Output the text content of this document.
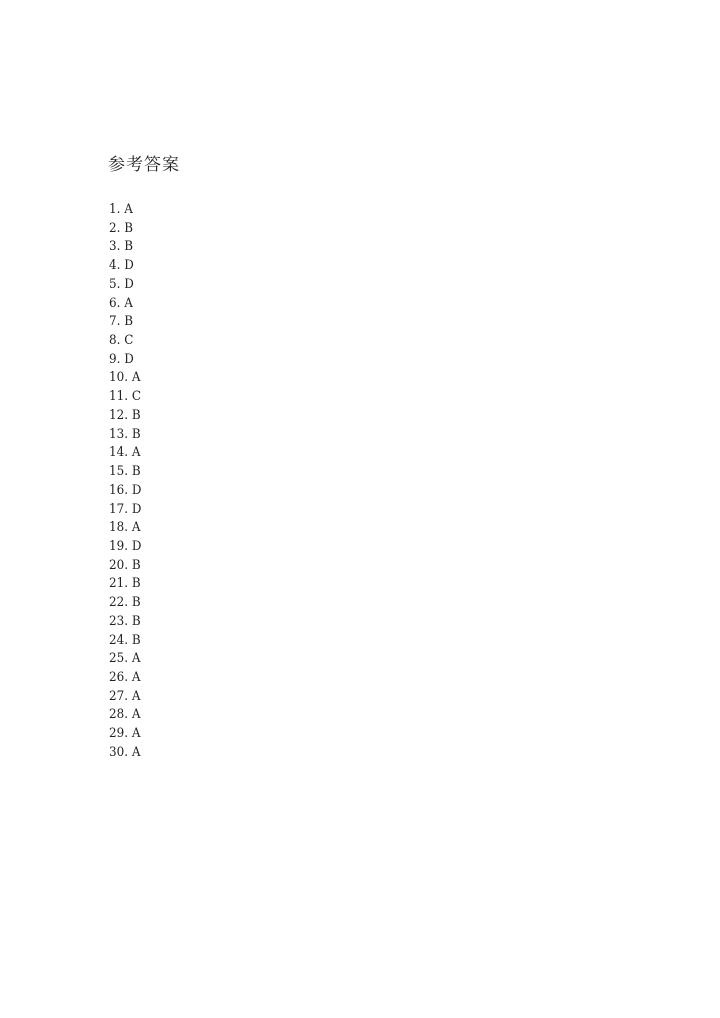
参考答案
1. A
2. B
3. B
4. D
5. D
6. A
7. B
8. C
9. D
10. A
11. C
12. B
13. B
14. A
15. B
16. D
17. D
18. A
19. D
20. B
21. B
22. B
23. B
24. B
25. A
26. A
27. A
28. A
29. A
30. A
